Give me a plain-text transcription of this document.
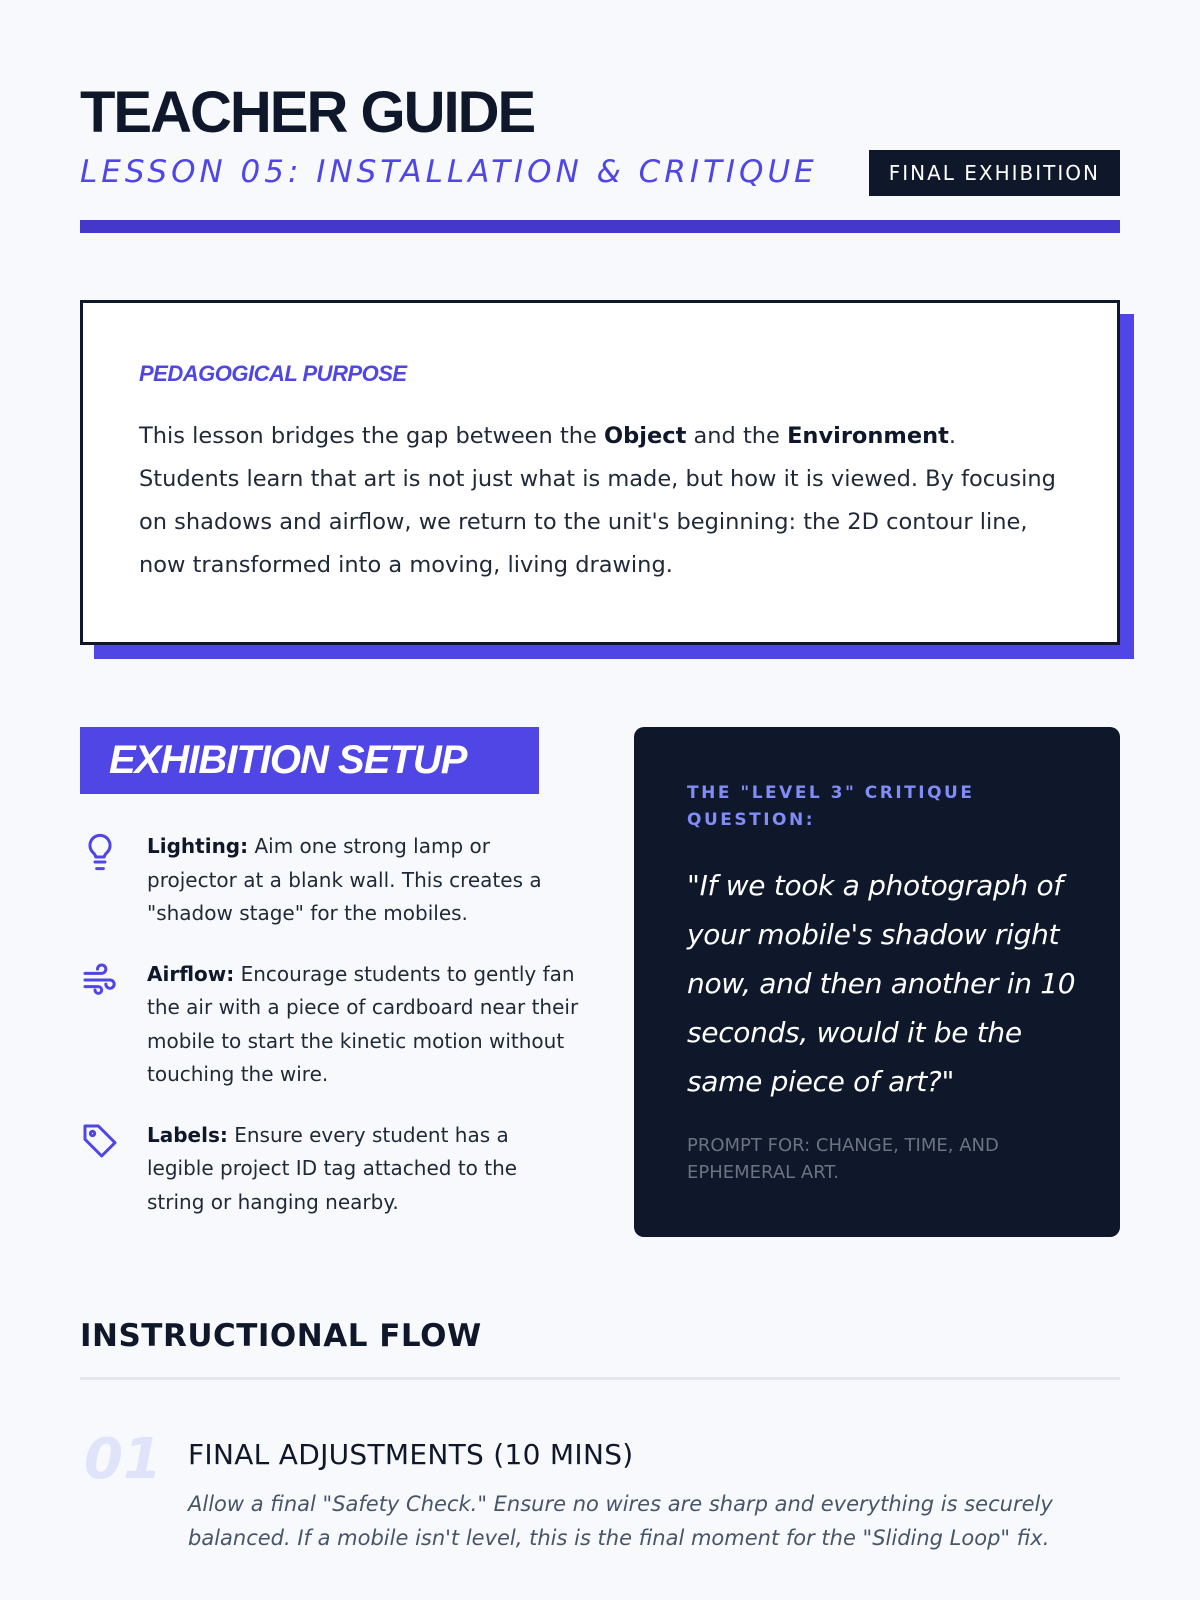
TEACHER GUIDE
LESSON 05: INSTALLATION & CRITIQUE	FINAL EXHIBITION
PEDAGOGICAL PURPOSE

This lesson bridges the gap between the Object and the Environment. Students learn that art is not just what is made, but how it is viewed. By focusing on shadows and airflow, we return to the unit's beginning: the 2D contour line, now transformed into a moving, living drawing.

EXHIBITION SETUP

Lighting: Aim one strong lamp or projector at a blank wall. This creates a "shadow stage" for the mobiles.

Airflow: Encourage students to gently fan the air with a piece of cardboard near their mobile to start the kinetic motion without touching the wire.

Labels: Ensure every student has a legible project ID tag attached to the string or hanging nearby.

THE "LEVEL 3" CRITIQUE QUESTION:
"If we took a photograph of your mobile's shadow right now, and then another in 10 seconds, would it be the same piece of art?"
PROMPT FOR: CHANGE, TIME, AND EPHEMERAL ART.
INSTRUCTIONAL FLOW
01 FINAL ADJUSTMENTS (10 MINS)
Allow a final "Safety Check." Ensure no wires are sharp and everything is securely balanced. If a mobile isn't level, this is the final moment for the "Sliding Loop" fix.
